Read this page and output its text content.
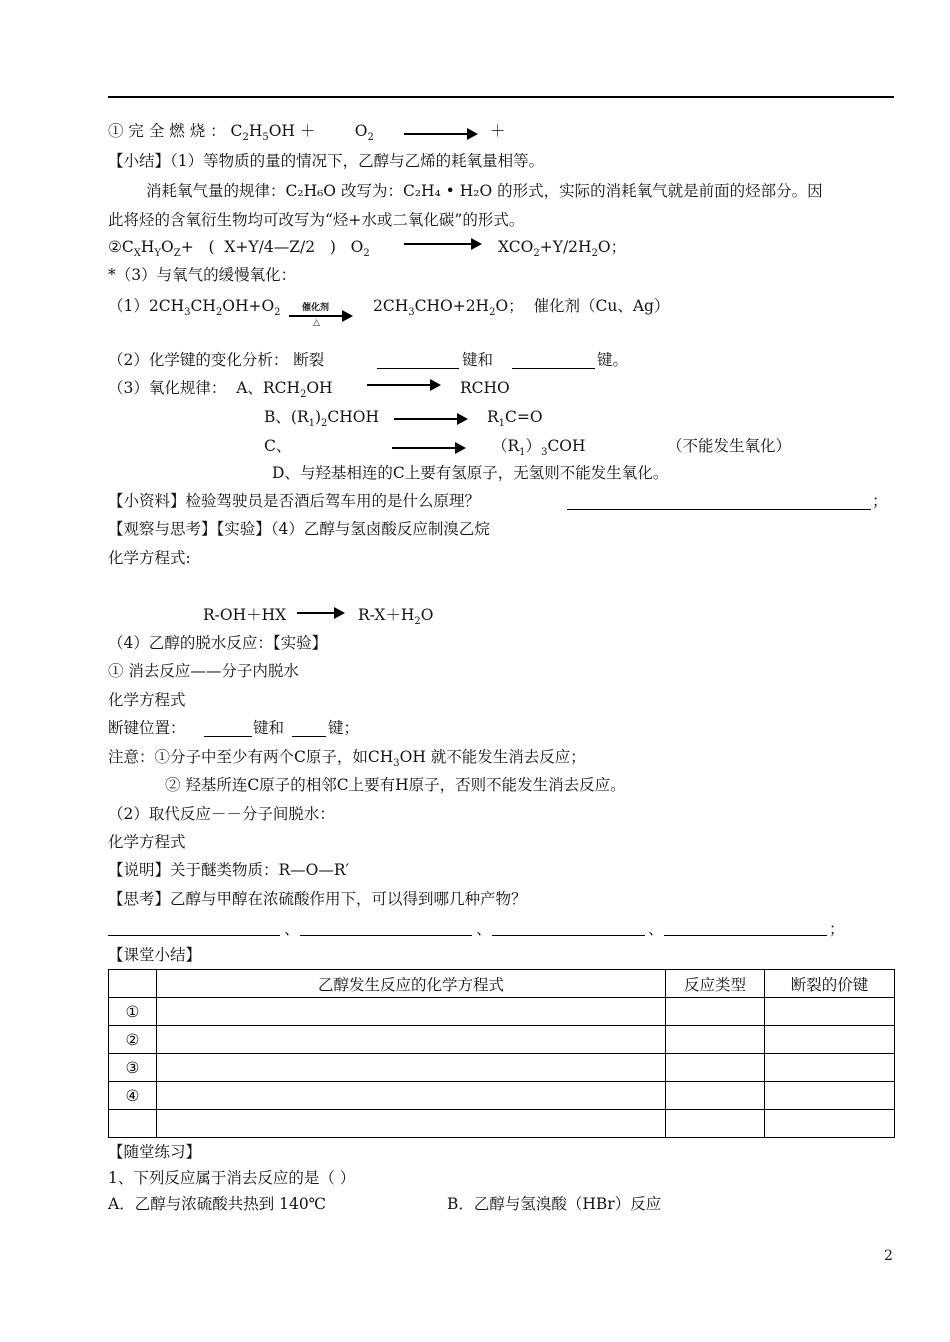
① 完 全 燃 烧 ： $C_2H_5OH$ ＋        $O_2$	＋
【小结】（1）等物质的量的情况下，乙醇与乙烯的耗氧量相等。
消耗氧气量的规律：C₂H₆O 改写为：C₂H₄ • H₂O 的形式，实际的消耗氧气就是前面的烃部分。因
此将烃的含氧衍生物均可改写为“烃+水或二氧化碳”的形式。
$②C_XH_YO_Z+$   (  X+Y/4—Z/2   )   $O_2$	$XCO_2+Y/2H_2O$；
*（3）与氧气的缓慢氧化：
$(1)2CH_3CH_2OH+O_2$ 催化剂
△
$2CH_3CHO+2H_2O$；  催化剂（Cu、Ag）
（2）化学键的变化分析： 断裂	键和	键。
（3）氧化规律：  A、$RCH_2OH$	RCHO
B、$(R_1)_2CHOH$	$R_1C=O$
C、	$(R_1)_3COH$	（不能发生氧化）
D、与羟基相连的C上要有氢原子，无氢则不能发生氧化。
【小资料】检验驾驶员是否酒后驾车用的是什么原理？	；
【观察与思考】【实验】（4）乙醇与氢卤酸反应制溴乙烷
化学方程式:
$R-OH+HX \to R-X+H_2O$
（4）乙醇的脱水反应：【实验】
① 消去反应——分子内脱水
化学方程式
断键位置：	键和	键；
注意：①分子中至少有两个C原子，如$CH_3OH$ 就不能发生消去反应；
② 羟基所连C原子的相邻C上要有H原子，否则不能发生消去反应。
（2）取代反应－－分子间脱水：
化学方程式
【说明】关于醚类物质：R—O—R′
【思考】乙醇与甲醇在浓硫酸作用下，可以得到哪几种产物？
、	、	、	；
【课堂小结】
	乙醇发生反应的化学方程式	反应类型	断裂的价键
①			
②			
③			
④			

【随堂练习】
1、下列反应属于消去反应的是（ ）
A．乙醇与浓硫酸共热到 140℃	B．乙醇与氢溴酸（HBr）反应
2
